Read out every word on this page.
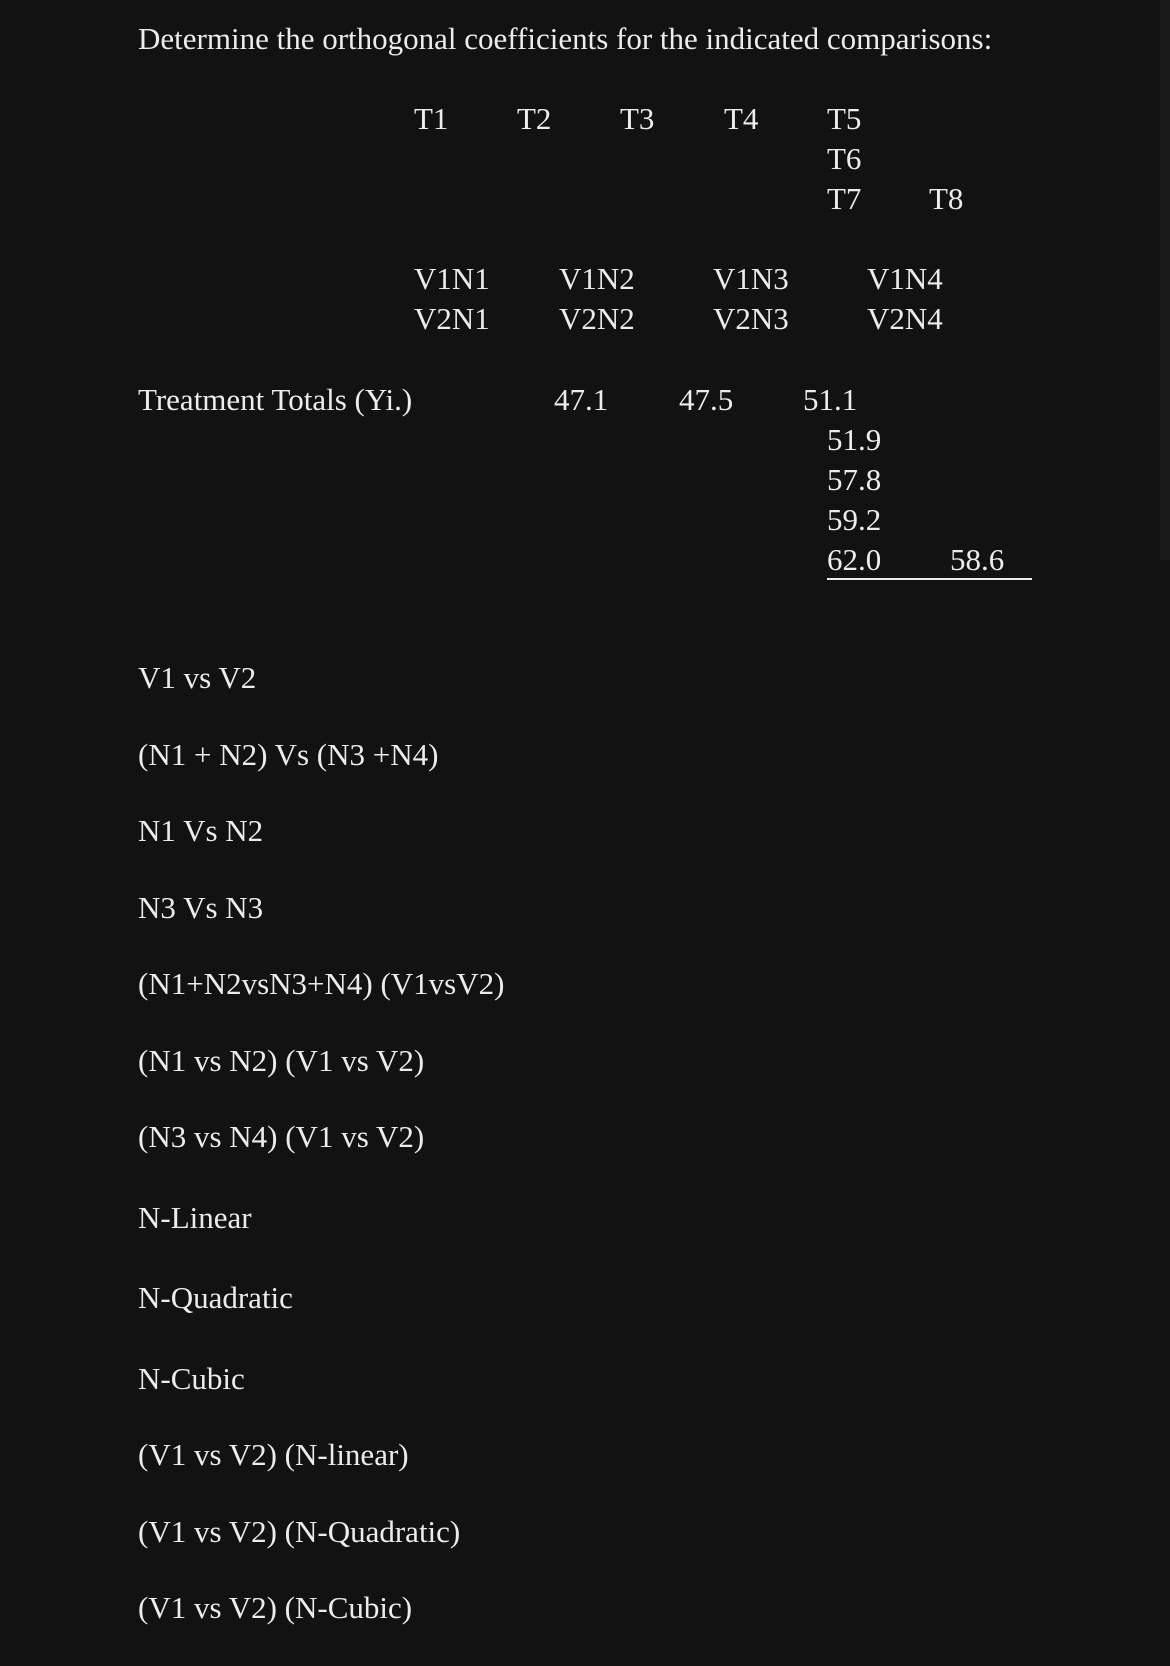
Determine the orthogonal coefficients for the indicated comparisons:
T1 T2 T3 T4 T5
T6
T7 T8
V1N1
V2N1
V1N2
V2N2
V1N3
V2N3
V1N4
V2N4
Treatment Totals (Yi.)	47.1 47.5 51.1
51.9
57.8
59.2
62.0 58.6
V1 vs V2
(N1 + N2) Vs (N3 +N4)
N1 Vs N2
N3 Vs N3
(N1+N2vsN3+N4) (V1vsV2)
(N1 vs N2) (V1 vs V2)
(N3 vs N4) (V1 vs V2)
N-Linear
N-Quadratic
N-Cubic
(V1 vs V2) (N-linear)
(V1 vs V2) (N-Quadratic)
(V1 vs V2) (N-Cubic)
